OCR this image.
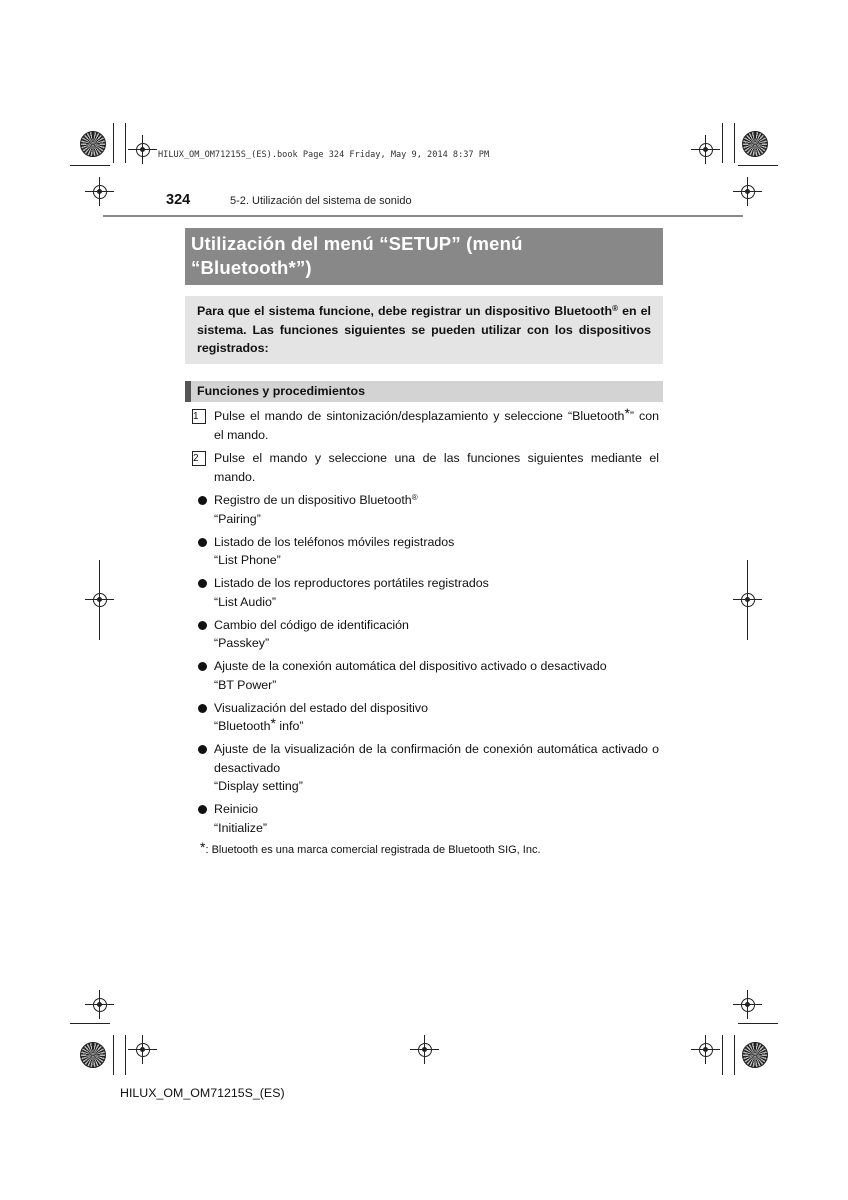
HILUX_OM_OM71215S_(ES).book Page 324 Friday, May 9, 2014 8:37 PM
324	5-2. Utilización del sistema de sonido
Utilización del menú “SETUP” (menú
“Bluetooth*”)

Para que el sistema funcione, debe registrar un dispositivo Bluetooth® en el sistema. Las funciones siguientes se pueden utilizar con los dispositivos registrados:

Funciones y procedimientos
1	Pulse el mando de sintonización/desplazamiento y seleccione “Bluetooth*” con el mando.
2	Pulse el mando y seleccione una de las funciones siguientes mediante el mando.
Registro de un dispositivo Bluetooth®
“Pairing”
Listado de los teléfonos móviles registrados
“List Phone”
Listado de los reproductores portátiles registrados
“List Audio”
Cambio del código de identificación
“Passkey”
Ajuste de la conexión automática del dispositivo activado o desactivado
“BT Power”
Visualización del estado del dispositivo
“Bluetooth* info”
Ajuste de la visualización de la confirmación de conexión automática activado o desactivado
“Display setting”
Reinicio
“Initialize”
*: Bluetooth es una marca comercial registrada de Bluetooth SIG, Inc.
HILUX_OM_OM71215S_(ES)
